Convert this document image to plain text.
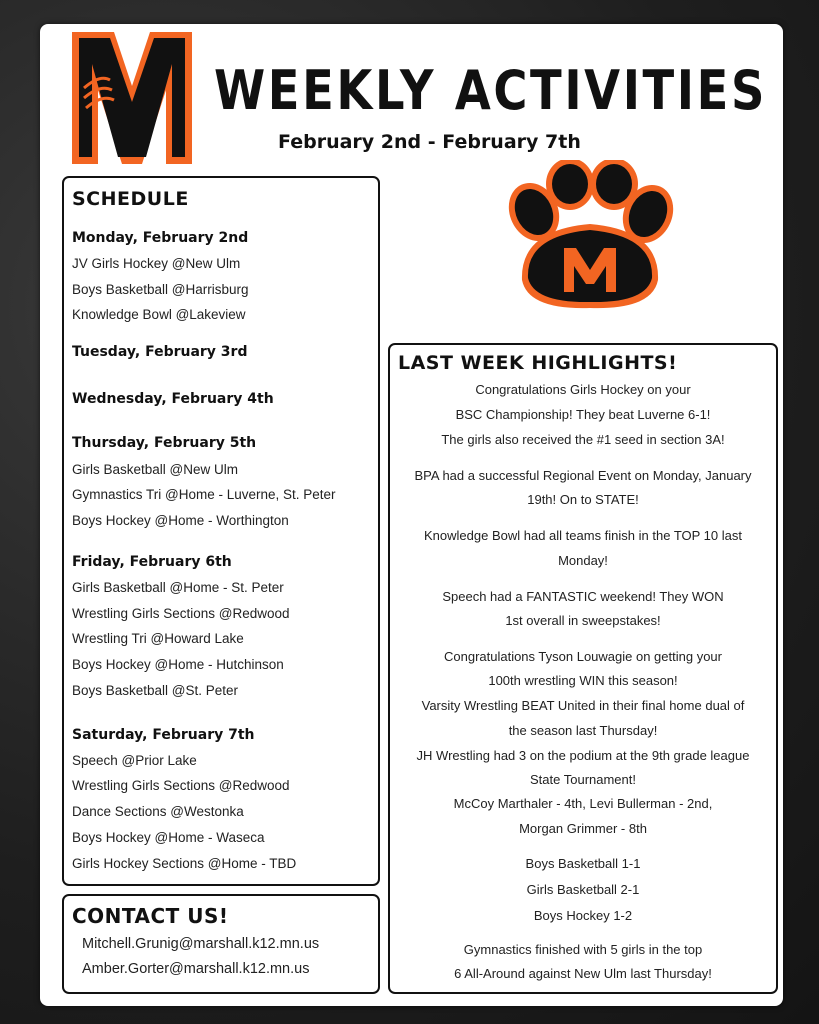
WEEKLY ACTIVITIES
February 2nd - February 7th
SCHEDULE
Monday, February 2nd
JV Girls Hockey @New Ulm
Boys Basketball @Harrisburg
Knowledge Bowl @Lakeview
Tuesday, February 3rd
Wednesday, February 4th
Thursday, February 5th
Girls Basketball @New Ulm
Gymnastics Tri @Home - Luverne, St. Peter
Boys Hockey @Home - Worthington
Friday, February 6th
Girls Basketball @Home - St. Peter
Wrestling Girls Sections @Redwood
Wrestling Tri @Howard Lake
Boys Hockey @Home - Hutchinson
Boys Basketball @St. Peter
Saturday, February 7th
Speech @Prior Lake
Wrestling Girls Sections @Redwood
Dance Sections @Westonka
Boys Hockey @Home - Waseca
Girls Hockey Sections @Home - TBD
CONTACT US!
Mitchell.Grunig@marshall.k12.mn.us
Amber.Gorter@marshall.k12.mn.us
LAST WEEK HIGHLIGHTS!
Congratulations Girls Hockey on your
BSC Championship! They beat Luverne 6-1!
The girls also received the #1 seed in section 3A!
BPA had a successful Regional Event on Monday, January
19th! On to STATE!
Knowledge Bowl had all teams finish in the TOP 10 last
Monday!
Speech had a FANTASTIC weekend! They WON
1st overall in sweepstakes!
Congratulations Tyson Louwagie on getting your
100th wrestling WIN this season!
Varsity Wrestling BEAT United in their final home dual of
the season last Thursday!
JH Wrestling had 3 on the podium at the 9th grade league
State Tournament!
McCoy Marthaler - 4th, Levi Bullerman - 2nd,
Morgan Grimmer - 8th
Boys Basketball 1-1
Girls Basketball 2-1
Boys Hockey 1-2
Gymnastics finished with 5 girls in the top
6 All-Around against New Ulm last Thursday!
